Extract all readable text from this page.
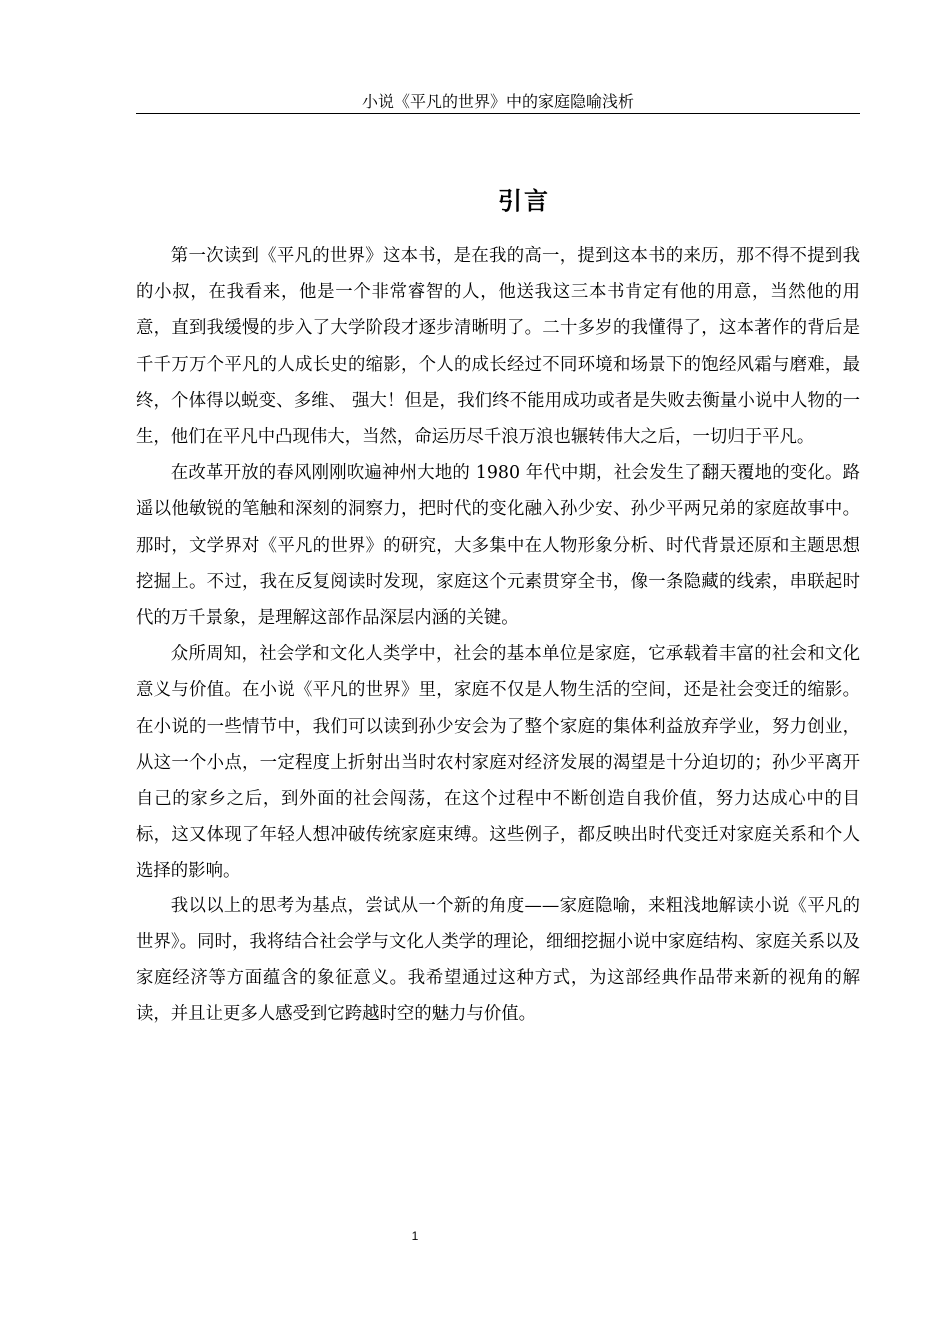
小说《平凡的世界》中的家庭隐喻浅析
引言

第一次读到《平凡的世界》这本书，是在我的高一，提到这本书的来历，那不得不提到我的小叔，在我看来，他是一个非常睿智的人，他送我这三本书肯定有他的用意，当然他的用意，直到我缓慢的步入了大学阶段才逐步清晰明了。二十多岁的我懂得了，这本著作的背后是千千万万个平凡的人成长史的缩影，个人的成长经过不同环境和场景下的饱经风霜与磨难，最终，个体得以蜕变、多维、 强大！但是，我们终不能用成功或者是失败去衡量小说中人物的一生，他们在平凡中凸现伟大，当然，命运历尽千浪万浪也辗转伟大之后，一切归于平凡。

在改革开放的春风刚刚吹遍神州大地的 1980 年代中期，社会发生了翻天覆地的变化。路遥以他敏锐的笔触和深刻的洞察力，把时代的变化融入孙少安、孙少平两兄弟的家庭故事中。那时，文学界对《平凡的世界》的研究，大多集中在人物形象分析、时代背景还原和主题思想挖掘上。不过，我在反复阅读时发现，家庭这个元素贯穿全书，像一条隐藏的线索，串联起时代的万千景象，是理解这部作品深层内涵的关键。

众所周知，社会学和文化人类学中，社会的基本单位是家庭，它承载着丰富的社会和文化意义与价值。在小说《平凡的世界》里，家庭不仅是人物生活的空间，还是社会变迁的缩影。在小说的一些情节中，我们可以读到孙少安会为了整个家庭的集体利益放弃学业，努力创业，从这一个小点，一定程度上折射出当时农村家庭对经济发展的渴望是十分迫切的；孙少平离开自己的家乡之后，到外面的社会闯荡，在这个过程中不断创造自我价值，努力达成心中的目标，这又体现了年轻人想冲破传统家庭束缚。这些例子，都反映出时代变迁对家庭关系和个人选择的影响。

我以以上的思考为基点，尝试从一个新的角度——家庭隐喻，来粗浅地解读小说《平凡的世界》。同时，我将结合社会学与文化人类学的理论，细细挖掘小说中家庭结构、家庭关系以及家庭经济等方面蕴含的象征意义。我希望通过这种方式，为这部经典作品带来新的视角的解读，并且让更多人感受到它跨越时空的魅力与价值。

1
